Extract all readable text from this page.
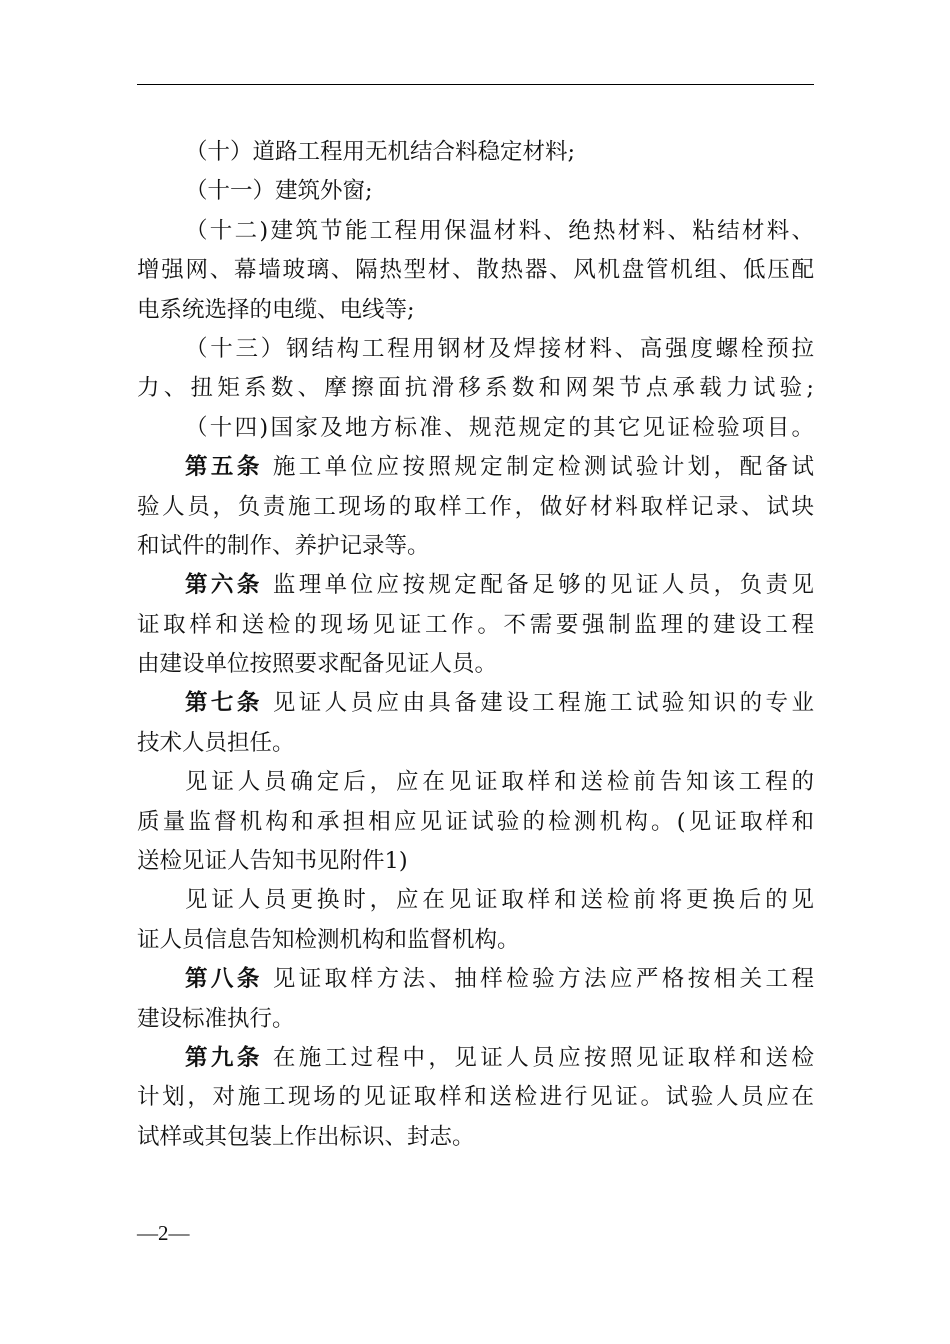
（十）道路工程用无机结合料稳定材料;
（十一）建筑外窗;
（十二)建筑节能工程用保温材料、绝热材料、粘结材料、
增强网、幕墙玻璃、隔热型材、散热器、风机盘管机组、低压配
电系统选择的电缆、电线等;
（十三）钢结构工程用钢材及焊接材料、高强度螺栓预拉
力、扭矩系数、摩擦面抗滑移系数和网架节点承载力试验;
（十四)国家及地方标准、规范规定的其它见证检验项目。
第五条 施工单位应按照规定制定检测试验计划，配备试
验人员，负责施工现场的取样工作，做好材料取样记录、试块
和试件的制作、养护记录等。
第六条 监理单位应按规定配备足够的见证人员，负责见
证取样和送检的现场见证工作。不需要强制监理的建设工程
由建设单位按照要求配备见证人员。
第七条 见证人员应由具备建设工程施工试验知识的专业
技术人员担任。
见证人员确定后，应在见证取样和送检前告知该工程的
质量监督机构和承担相应见证试验的检测机构。(见证取样和
送检见证人告知书见附件1)
见证人员更换时，应在见证取样和送检前将更换后的见
证人员信息告知检测机构和监督机构。
第八条 见证取样方法、抽样检验方法应严格按相关工程
建设标准执行。
第九条 在施工过程中，见证人员应按照见证取样和送检
计划，对施工现场的见证取样和送检进行见证。试验人员应在
试样或其包装上作出标识、封志。
—2—
